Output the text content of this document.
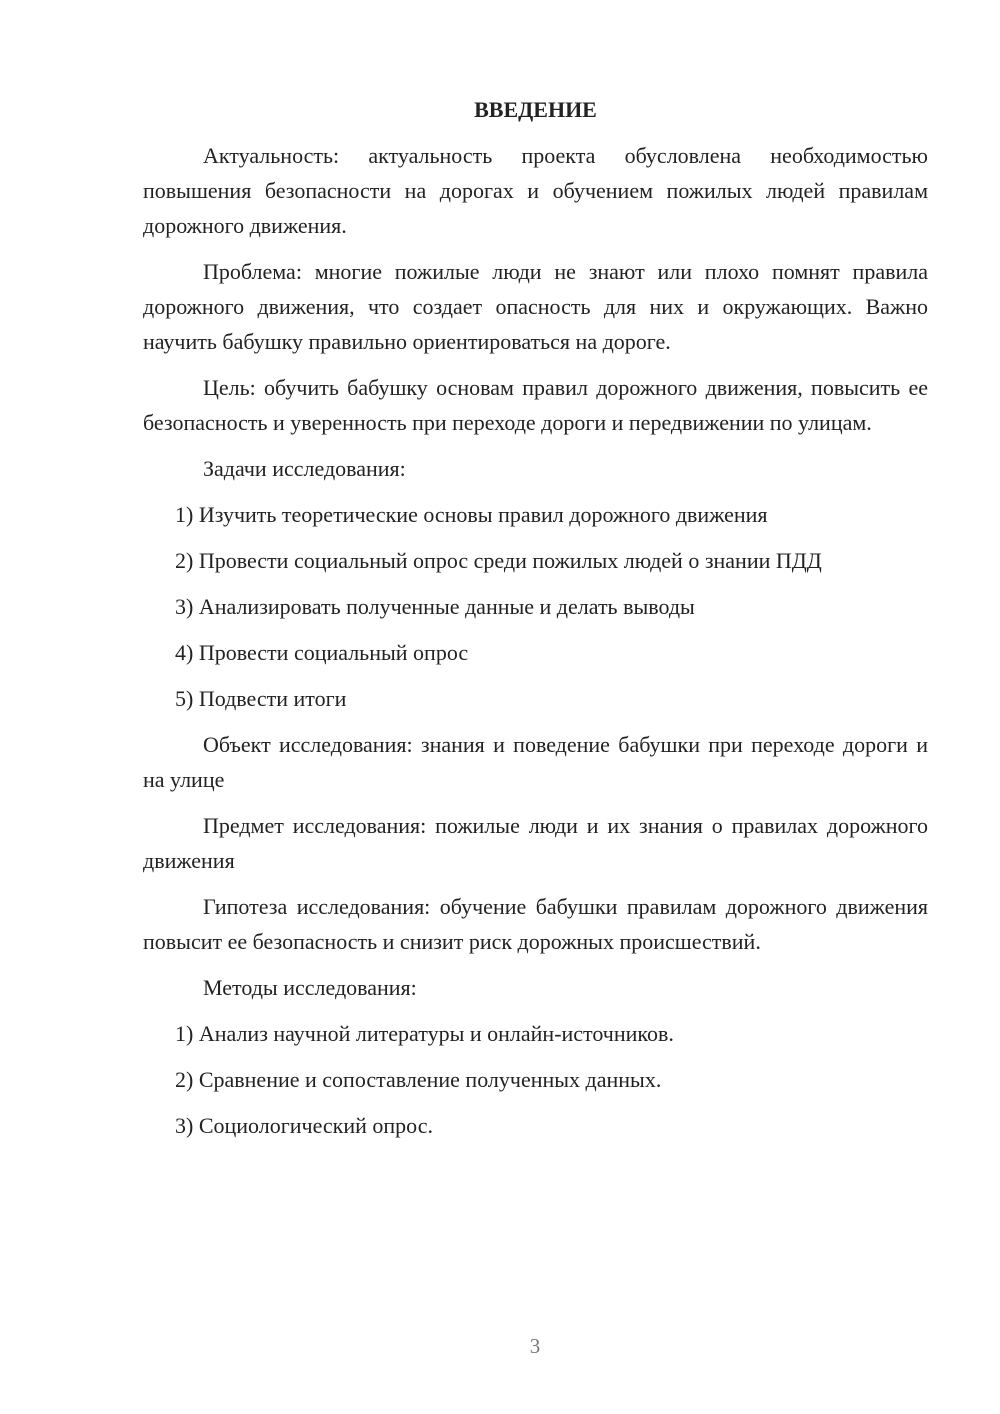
ВВЕДЕНИЕ

Актуальность: актуальность проекта обусловлена необходимостью повышения безопасности на дорогах и обучением пожилых людей правилам дорожного движения.

Проблема: многие пожилые люди не знают или плохо помнят правила дорожного движения, что создает опасность для них и окружающих. Важно научить бабушку правильно ориентироваться на дороге.

Цель: обучить бабушку основам правил дорожного движения, повысить ее безопасность и уверенность при переходе дороги и передвижении по улицам.

Задачи исследования:

1) Изучить теоретические основы правил дорожного движения
2) Провести социальный опрос среди пожилых людей о знании ПДД
3) Анализировать полученные данные и делать выводы
4) Провести социальный опрос
5) Подвести итоги

Объект исследования: знания и поведение бабушки при переходе дороги и на улице

Предмет исследования: пожилые люди и их знания о правилах дорожного движения

Гипотеза исследования: обучение бабушки правилам дорожного движения повысит ее безопасность и снизит риск дорожных происшествий.

Методы исследования:

1) Анализ научной литературы и онлайн-источников.
2) Сравнение и сопоставление полученных данных.
3) Социологический опрос.
3
